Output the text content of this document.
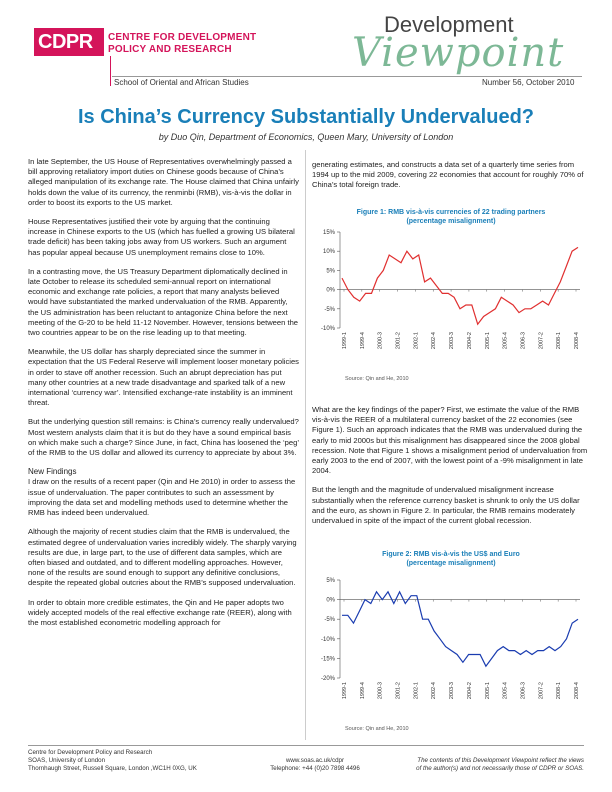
CDPR CENTRE FOR DEVELOPMENT
POLICY AND RESEARCH
Development
Viewpoint
School of Oriental and African Studies	Number 56, October 2010
Is China’s Currency Substantially Undervalued?
by Duo Qin, Department of Economics, Queen Mary, University of London

In late September, the US House of Representatives overwhelmingly passed a bill approving retaliatory import duties on Chinese goods because of China’s alleged manipulation of its exchange rate. The House claimed that China unfairly holds down the value of its currency, the renminbi (RMB), vis-à-vis the dollar in order to boost its exports to the US market.

House Representatives justified their vote by arguing that the continuing increase in Chinese exports to the US (which has fuelled a growing US bilateral trade deficit) has been taking jobs away from US workers. Such an argument has popular appeal because US unemployment remains close to 10%.

In a contrasting move, the US Treasury Department diplomatically declined in late October to release its scheduled semi-annual report on international economic and exchange rate policies, a report that many analysts believed would have substantiated the marked undervaluation of the RMB. Apparently, the US administration has been reluctant to antagonize China before the next meeting of the G-20 to be held 11-12 November. However, tensions between the two countries appear to be on the rise leading up to that meeting.

Meanwhile, the US dollar has sharply depreciated since the summer in expectation that the US Federal Reserve will implement looser monetary policies in order to stave off another recession. Such an abrupt depreciation has put many other countries at a new trade disadvantage and sparked talk of a new international ‘currency war’. Intensified exchange-rate instability is an imminent threat.

But the underlying question still remains: is China’s currency really undervalued? Most western analysts claim that it is but do they have a sound empirical basis on which make such a charge? Since June, in fact, China has loosened the ‘peg’ of the RMB to the US dollar and allowed its currency to appreciate by about 3%.

New Findings

I draw on the results of a recent paper (Qin and He 2010) in order to assess the issue of undervaluation. The paper contributes to such an assessment by improving the data set and modelling methods used to determine whether the RMB has indeed been undervalued.

Although the majority of recent studies claim that the RMB is undervalued, the estimated degree of undervaluation varies incredibly widely. The sharply varying results are due, in large part, to the use of different data samples, which are often biased and outdated, and to different modelling approaches. However, none of the results are sound enough to support any definitive conclusions, despite the repeated global outcries about the RMB’s supposed undervaluation.

In order to obtain more credible estimates, the Qin and He paper adopts two widely accepted models of the real effective exchange rate (REER), along with the most established econometric modelling approach for

generating estimates, and constructs a data set of a quarterly time series from 1994 up to the mid 2009, covering 22 economies that account for roughly 70% of China’s total foreign trade.

Figure 1: RMB vis-à-vis currencies of 22 trading partners
(percentage misalignment)
15%
10%
5%
0%
-5%
-10%
1999-1 1999-4 2000-3 2001-2 2002-1 2002-4 2003-3 2004-2 2005-1 2005-4 2006-3 2007-2 2008-1 2008-4
Source: Qin and He, 2010

What are the key findings of the paper? First, we estimate the value of the RMB vis-à-vis the REER of a multilateral currency basket of the 22 economies (see Figure 1). Such an approach indicates that the RMB was undervalued during the early to mid 2000s but this misalignment has disappeared since the 2008 global recession. Note that Figure 1 shows a misalignment period of undervaluation from early 2003 to the end of 2007, with the lowest point of a -9% misalignment in late 2004.

But the length and the magnitude of undervalued misalignment increase substantially when the reference currency basket is shrunk to only the US dollar and the euro, as shown in Figure 2. In particular, the RMB remains moderately undervalued in spite of the impact of the current global recession.

Figure 2: RMB vis-à-vis the US$ and Euro
(percentage misalignment)
5%
0%
-5%
-10%
-15%
-20%
1999-1 1999-4 2000-3 2001-2 2002-1 2002-4 2003-3 2004-2 2005-1 2005-4 2006-3 2007-2 2008-1 2008-4
Source: Qin and He, 2010
Centre for Development Policy and Research
SOAS, University of London
Thornhaugh Street, Russell Square, London ,WC1H 0XG, UK
www.soas.ac.uk/cdpr
Telephone: +44 (0)20 7898 4496
The contents of this Development Viewpoint reflect the views
of the author(s) and not necessarily those of CDPR or SOAS.
